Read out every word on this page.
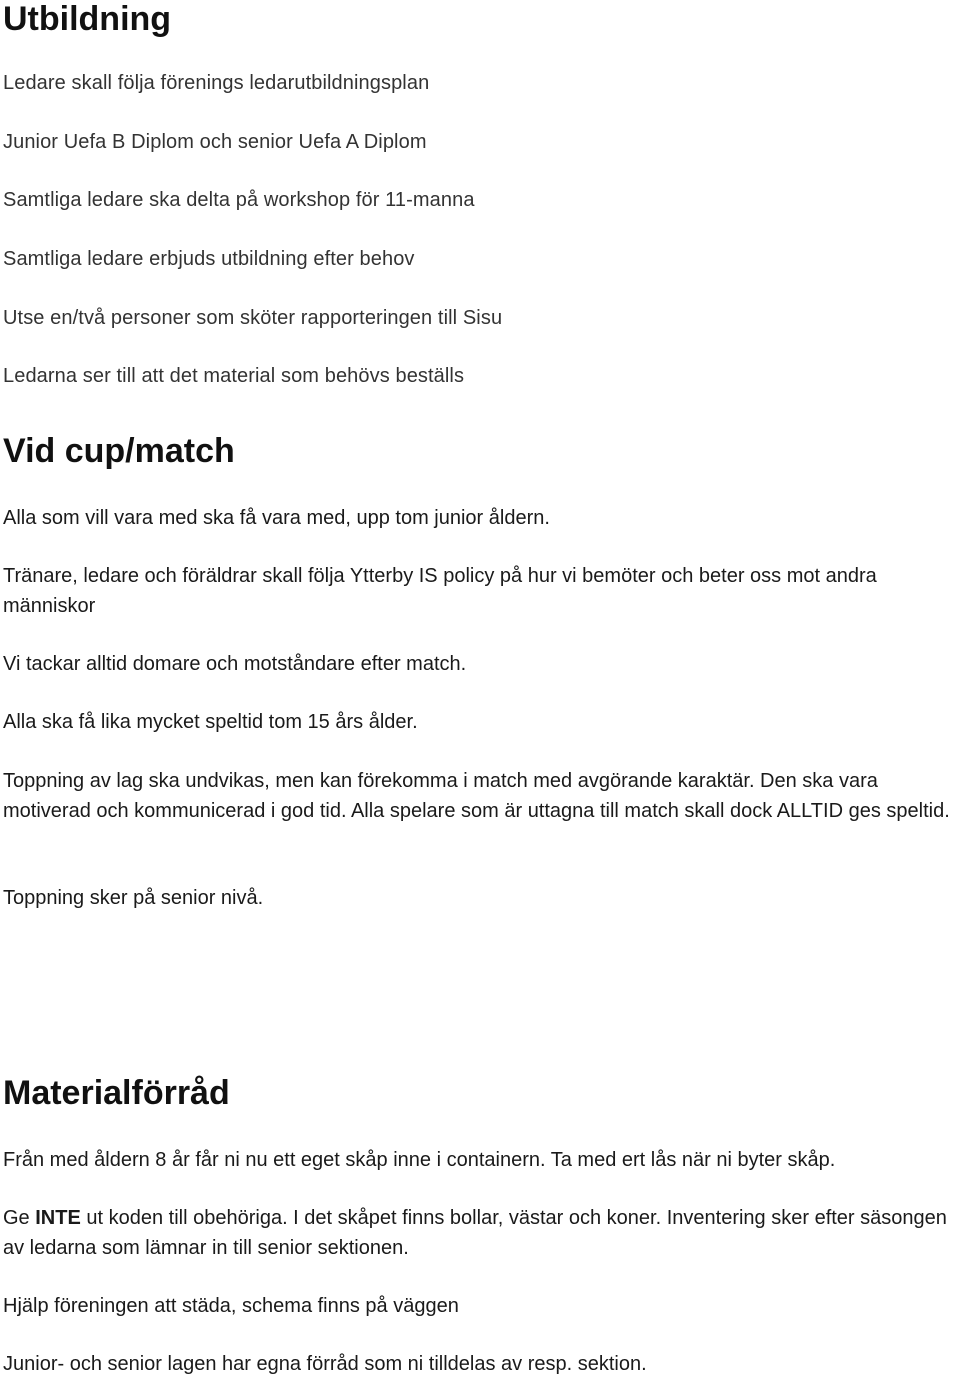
Utbildning

Ledare skall följa förenings ledarutbildningsplan

Junior Uefa B Diplom och senior Uefa A Diplom

Samtliga ledare ska delta på workshop för 11-manna

Samtliga ledare erbjuds utbildning efter behov

Utse en/två personer som sköter rapporteringen till Sisu

Ledarna ser till att det material som behövs beställs

Vid cup/match

Alla som vill vara med ska få vara med, upp tom junior åldern.

Tränare, ledare och föräldrar skall följa Ytterby IS policy på hur vi bemöter och beter oss mot andra människor

Vi tackar alltid domare och motståndare efter match.

Alla ska få lika mycket speltid tom 15 års ålder.

Toppning av lag ska undvikas, men kan förekomma i match med avgörande karaktär. Den ska vara motiverad och kommunicerad i god tid. Alla spelare som är uttagna till match skall dock ALLTID ges speltid.

Toppning sker på senior nivå.

Materialförråd

Från med åldern 8 år får ni nu ett eget skåp inne i containern. Ta med ert lås när ni byter skåp.

Ge INTE ut koden till obehöriga. I det skåpet finns bollar, västar och koner. Inventering sker efter säsongen av ledarna som lämnar in till senior sektionen.

Hjälp föreningen att städa, schema finns på väggen

Junior- och senior lagen har egna förråd som ni tilldelas av resp. sektion.
